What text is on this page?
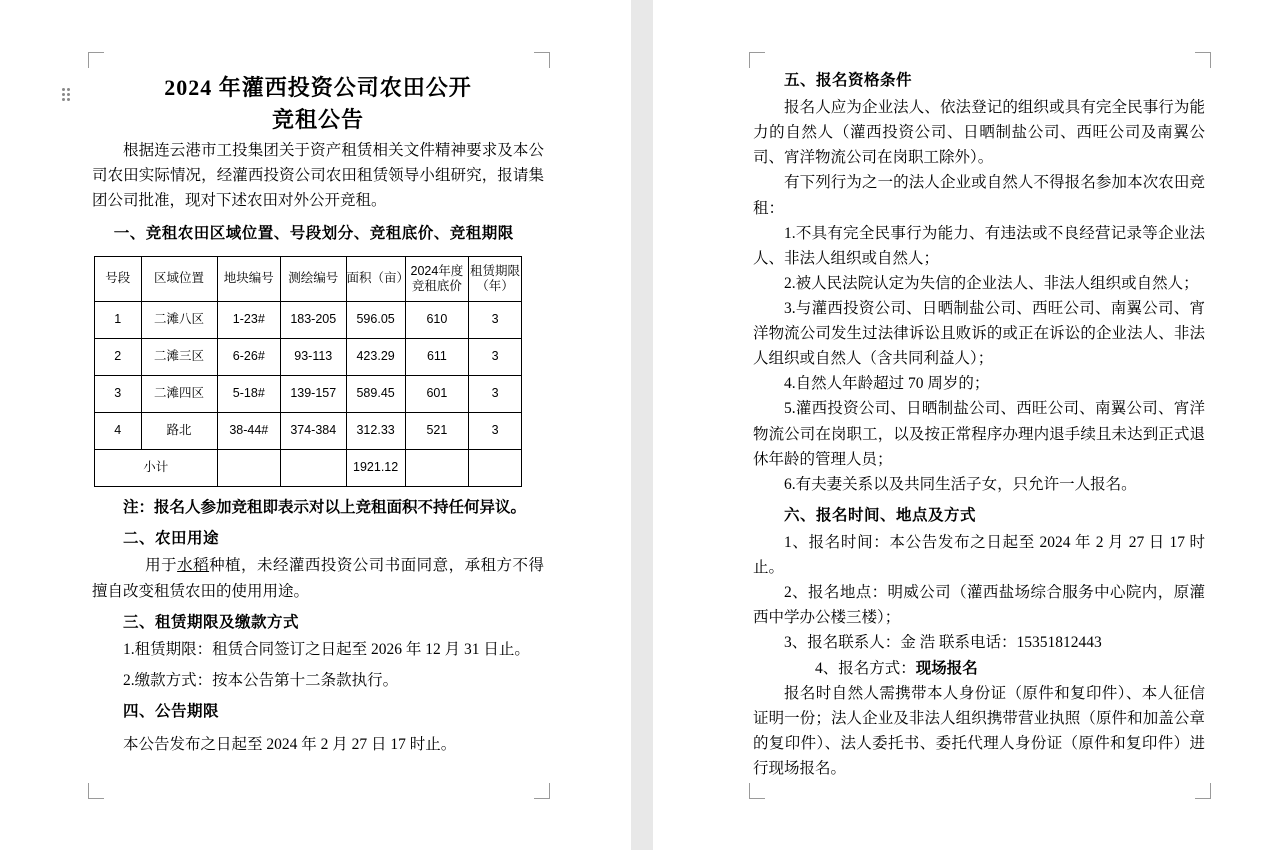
2024 年灌西投资公司农田公开
竞租公告

根据连云港市工投集团关于资产租赁相关文件精神要求及本公司农田实际情况，经灌西投资公司农田租赁领导小组研究，报请集团公司批准，现对下述农田对外公开竞租。

一、竞租农田区域位置、号段划分、竞租底价、竞租期限

号段	区域位置	地块编号	测绘编号	面积（亩）	2024年度竞租底价	租赁期限（年）
1	二滩八区	1-23#	183-205	596.05	610	3
2	二滩三区	6-26#	93-113	423.29	611	3
3	二滩四区	5-18#	139-157	589.45	601	3
4	路北	38-44#	374-384	312.33	521	3
小计				1921.12		

注：报名人参加竞租即表示对以上竞租面积不持任何异议。

二、农田用途

用于水稻种植，未经灌西投资公司书面同意，承租方不得擅自改变租赁农田的使用用途。

三、租赁期限及缴款方式

1.租赁期限：租赁合同签订之日起至 2026 年 12 月 31 日止。

2.缴款方式：按本公告第十二条款执行。

四、公告期限

本公告发布之日起至 2024 年 2 月 27 日 17 时止。

五、报名资格条件

报名人应为企业法人、依法登记的组织或具有完全民事行为能力的自然人（灌西投资公司、日晒制盐公司、西旺公司及南翼公司、宵洋物流公司在岗职工除外）。

有下列行为之一的法人企业或自然人不得报名参加本次农田竞租：

1.不具有完全民事行为能力、有违法或不良经营记录等企业法人、非法人组织或自然人；

2.被人民法院认定为失信的企业法人、非法人组织或自然人；

3.与灌西投资公司、日晒制盐公司、西旺公司、南翼公司、宵洋物流公司发生过法律诉讼且败诉的或正在诉讼的企业法人、非法人组织或自然人（含共同利益人）；

4.自然人年龄超过 70 周岁的；

5.灌西投资公司、日晒制盐公司、西旺公司、南翼公司、宵洋物流公司在岗职工，以及按正常程序办理内退手续且未达到正式退休年龄的管理人员；

6.有夫妻关系以及共同生活子女，只允许一人报名。

六、报名时间、地点及方式

1、报名时间：本公告发布之日起至 2024 年 2 月 27 日 17 时止。

2、报名地点：明威公司（灌西盐场综合服务中心院内，原灌西中学办公楼三楼）；

3、报名联系人：金 浩 联系电话：15351812443

4、报名方式：现场报名

报名时自然人需携带本人身份证（原件和复印件）、本人征信证明一份；法人企业及非法人组织携带营业执照（原件和加盖公章的复印件）、法人委托书、委托代理人身份证（原件和复印件）进行现场报名。
